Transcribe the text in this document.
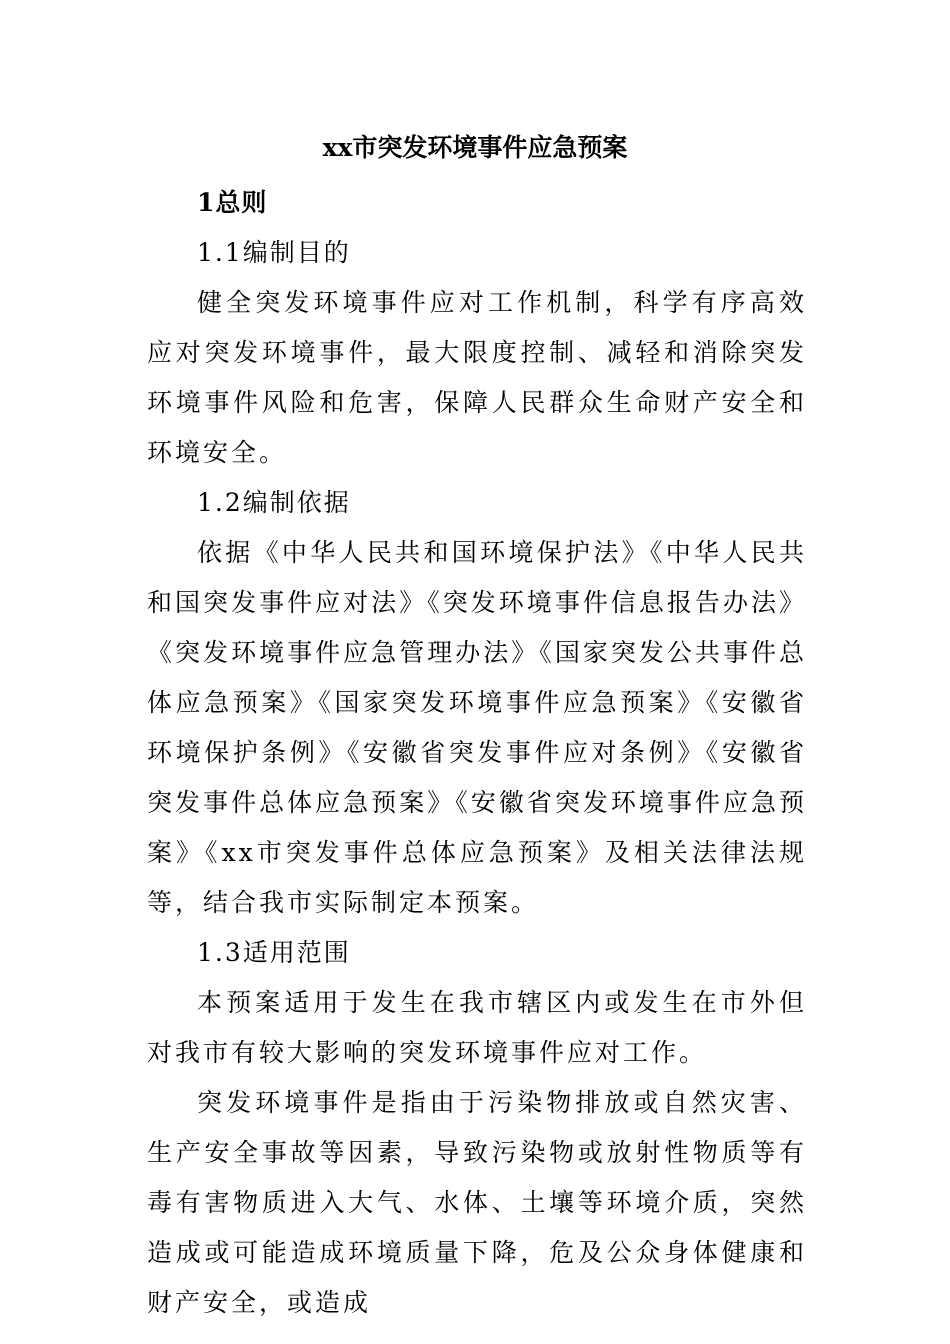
xx市突发环境事件应急预案

1总则

1.1编制目的

健全突发环境事件应对工作机制，科学有序高效应对突发环境事件，最大限度控制、减轻和消除突发环境事件风险和危害，保障人民群众生命财产安全和环境安全。

1.2编制依据

依据《中华人民共和国环境保护法》《中华人民共和国突发事件应对法》《突发环境事件信息报告办法》《突发环境事件应急管理办法》《国家突发公共事件总体应急预案》《国家突发环境事件应急预案》《安徽省环境保护条例》《安徽省突发事件应对条例》《安徽省突发事件总体应急预案》《安徽省突发环境事件应急预案》《xx市突发事件总体应急预案》及相关法律法规等，结合我市实际制定本预案。

1.3适用范围

本预案适用于发生在我市辖区内或发生在市外但对我市有较大影响的突发环境事件应对工作。

突发环境事件是指由于污染物排放或自然灾害、生产安全事故等因素，导致污染物或放射性物质等有毒有害物质进入大气、水体、土壤等环境介质，突然造成或可能造成环境质量下降，危及公众身体健康和财产安全，或造成
